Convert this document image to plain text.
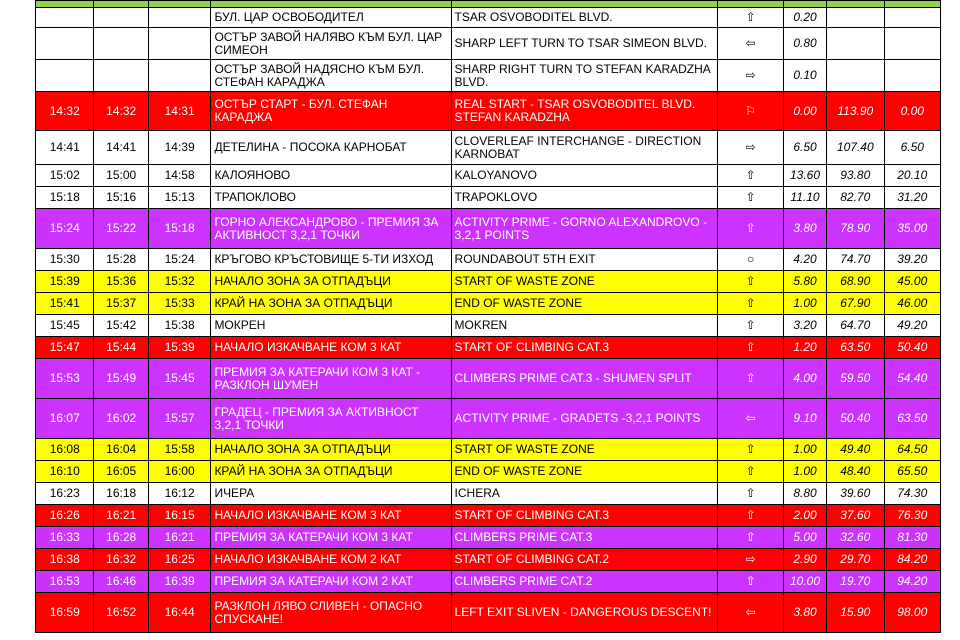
			БУЛ. ЦАР ОСВОБОДИТЕЛ	TSAR OSVOBODITEL BLVD.	⇧	0.20		
			ОСТЪР ЗАВОЙ НАЛЯВО КЪМ БУЛ. ЦАР СИМЕОН	SHARP LEFT TURN TO TSAR SIMEON BLVD.	⇦	0.80		
			ОСТЪР ЗАВОЙ НАДЯСНО КЪМ БУЛ. СТЕФАН КАРАДЖА	SHARP RIGHT TURN TO STEFAN KARADZHA BLVD.	⇨	0.10		
14:32	14:32	14:31	ОСТЪР СТАРТ - БУЛ. СТЕФАН КАРАДЖА	REAL START - TSAR OSVOBODITEL BLVD. STEFAN KARADZHA	⚐	0.00	113.90	0.00
14:41	14:41	14:39	ДЕТЕЛИНА - ПОСОКА КАРНОБАТ	CLOVERLEAF INTERCHANGE - DIRECTION KARNOBAT	⇨	6.50	107.40	6.50
15:02	15:00	14:58	КАЛОЯНОВО	KALOYANOVO	⇧	13.60	93.80	20.10
15:18	15:16	15:13	ТРАПОКЛОВО	TRAPOKLOVO	⇧	11.10	82.70	31.20
15:24	15:22	15:18	ГОРНО АЛЕКСАНДРОВО - ПРЕМИЯ ЗА АКТИВНОСТ 3,2,1 ТОЧКИ	ACTIVITY PRIME - GORNO ALEXANDROVO - 3,2,1 POINTS	⇧	3.80	78.90	35.00
15:30	15:28	15:24	КРЪГОВО КРЪСТОВИЩЕ 5-ТИ ИЗХОД	ROUNDABOUT 5TH EXIT	○	4.20	74.70	39.20
15:39	15:36	15:32	НАЧАЛО ЗОНА ЗА ОТПАДЪЦИ	START OF WASTE ZONE	⇧	5.80	68.90	45.00
15:41	15:37	15:33	КРАЙ НА ЗОНА ЗА ОТПАДЪЦИ	END OF WASTE ZONE	⇧	1.00	67.90	46.00
15:45	15:42	15:38	МОКРЕН	MOKREN	⇧	3.20	64.70	49.20
15:47	15:44	15:39	НАЧАЛО ИЗКАЧВАНЕ КОМ 3 КАТ	START OF CLIMBING CAT.3	⇧	1.20	63.50	50.40
15:53	15:49	15:45	ПРЕМИЯ ЗА КАТЕРАЧИ КОМ 3 КАТ - РАЗКЛОН ШУМЕН	CLIMBERS PRIME CAT.3 - SHUMEN SPLIT	⇧	4.00	59.50	54.40
16:07	16:02	15:57	ГРАДЕЦ - ПРЕМИЯ ЗА АКТИВНОСТ 3,2,1 ТОЧКИ	ACTIVITY PRIME - GRADETS -3,2,1 POINTS	⇦	9.10	50.40	63.50
16:08	16:04	15:58	НАЧАЛО ЗОНА ЗА ОТПАДЪЦИ	START OF WASTE ZONE	⇧	1.00	49.40	64.50
16:10	16:05	16:00	КРАЙ НА ЗОНА ЗА ОТПАДЪЦИ	END OF WASTE ZONE	⇧	1.00	48.40	65.50
16:23	16:18	16:12	ИЧЕРА	ICHERA	⇧	8.80	39.60	74.30
16:26	16:21	16:15	НАЧАЛО ИЗКАЧВАНЕ КОМ 3 КАТ	START OF CLIMBING CAT.3	⇧	2.00	37.60	76.30
16:33	16:28	16:21	ПРЕМИЯ ЗА КАТЕРАЧИ КОМ 3 КАТ	CLIMBERS PRIME CAT.3	⇧	5.00	32.60	81.30
16:38	16:32	16:25	НАЧАЛО ИЗКАЧВАНЕ КОМ 2 КАТ	START OF CLIMBING CAT.2	⇨	2.90	29.70	84.20
16:53	16:46	16:39	ПРЕМИЯ ЗА КАТЕРАЧИ КОМ 2 КАТ	CLIMBERS PRIME CAT.2	⇧	10.00	19.70	94.20
16:59	16:52	16:44	РАЗКЛОН ЛЯВО СЛИВЕН - ОПАСНО СПУСКАНЕ!	LEFT EXIT SLIVEN - DANGEROUS DESCENT!	⇦	3.80	15.90	98.00
